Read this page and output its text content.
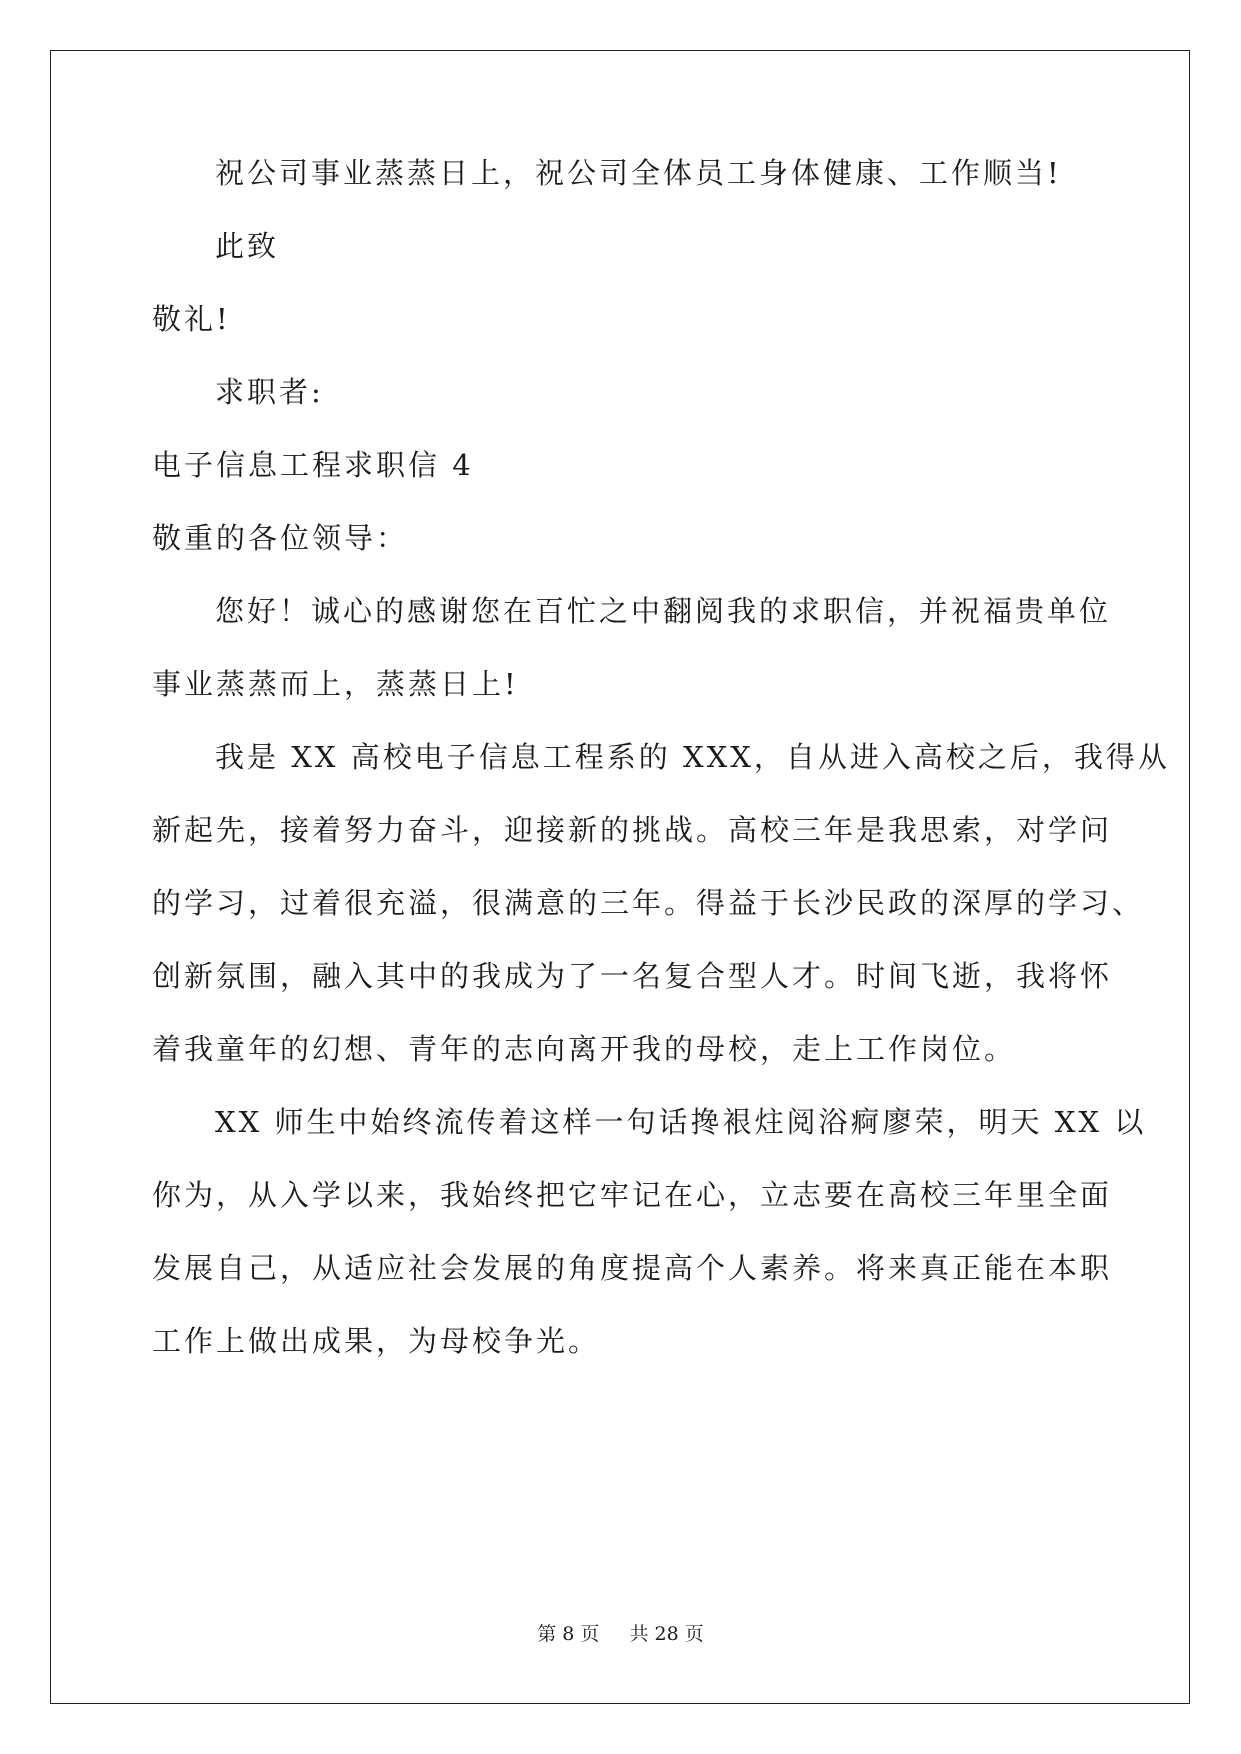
祝公司事业蒸蒸日上，祝公司全体员工身体健康、工作顺当!
此致
敬礼!
求职者:
电子信息工程求职信 4
敬重的各位领导：
您好！诚心的感谢您在百忙之中翻阅我的求职信，并祝福贵单位
事业蒸蒸而上，蒸蒸日上!
我是 XX 高校电子信息工程系的 XXX，自从进入高校之后，我得从
新起先，接着努力奋斗，迎接新的挑战。高校三年是我思索，对学问
的学习，过着很充溢，很满意的三年。得益于长沙民政的深厚的学习、
创新氛围，融入其中的我成为了一名复合型人才。时间飞逝，我将怀
着我童年的幻想、青年的志向离开我的母校，走上工作岗位。
XX 师生中始终流传着这样一句话搀裉炷阅浴痾廖荣，明天 XX 以
你为，从入学以来，我始终把它牢记在心，立志要在高校三年里全面
发展自己，从适应社会发展的角度提高个人素养。将来真正能在本职
工作上做出成果，为母校争光。
第 8 页 共 28 页
